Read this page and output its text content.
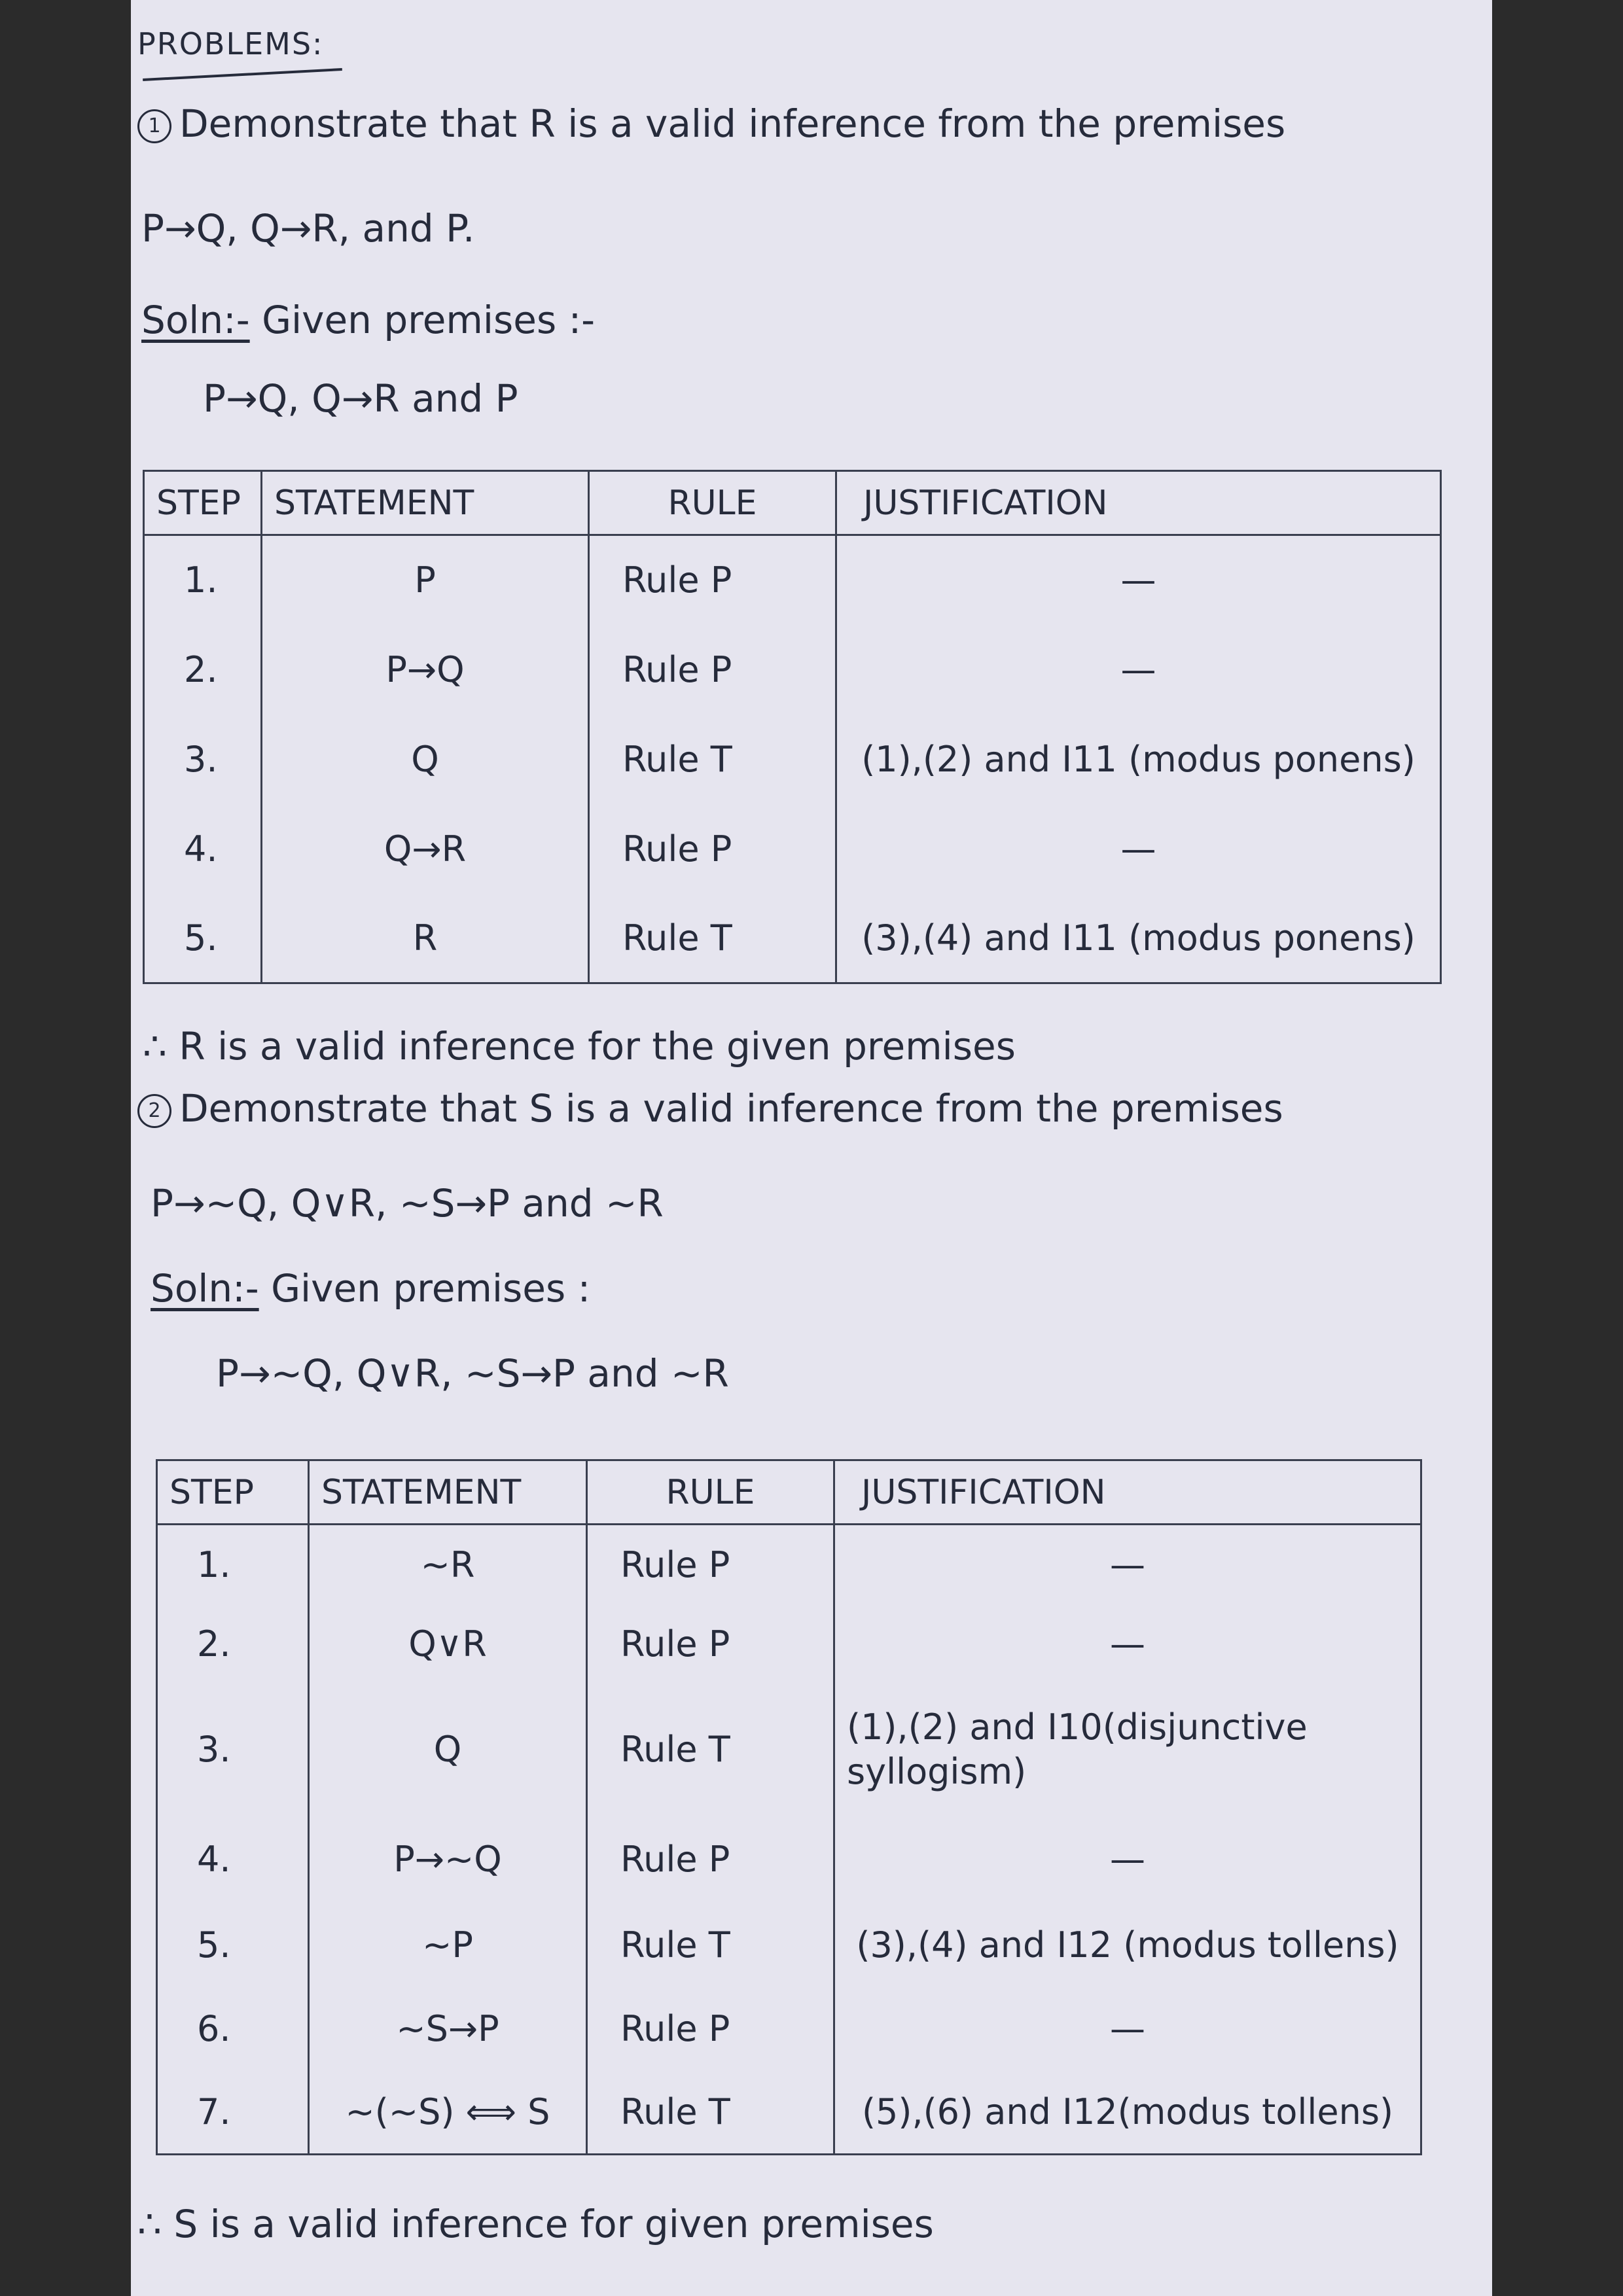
PROBLEMS:
1 Demonstrate that R is a valid inference from the premises
P→Q, Q→R, and P.
Soln:- Given premises :-
P→Q, Q→R and P
STEP	STATEMENT	RULE	JUSTIFICATION
1.	P	Rule P	—
2.	P→Q	Rule P	—
3.	Q	Rule T	(1),(2) and I11 (modus ponens)
4.	Q→R	Rule P	—
5.	R	Rule T	(3),(4) and I11 (modus ponens)
∴ R is a valid inference for the given premises
2 Demonstrate that S is a valid inference from the premises
P→∼Q, Q∨R, ∼S→P and ∼R
Soln:- Given premises :
P→∼Q, Q∨R, ∼S→P and ∼R
STEP	STATEMENT	RULE	JUSTIFICATION
1.	∼R	Rule P	—
2.	Q∨R	Rule P	—
3.	Q	Rule T	(1),(2) and I10(disjunctive syllogism)
4.	P→∼Q	Rule P	—
5.	∼P	Rule T	(3),(4) and I12 (modus tollens)
6.	∼S→P	Rule P	—
7.	∼(∼S) ⟺ S	Rule T	(5),(6) and I12(modus tollens)
∴ S is a valid inference for given premises
